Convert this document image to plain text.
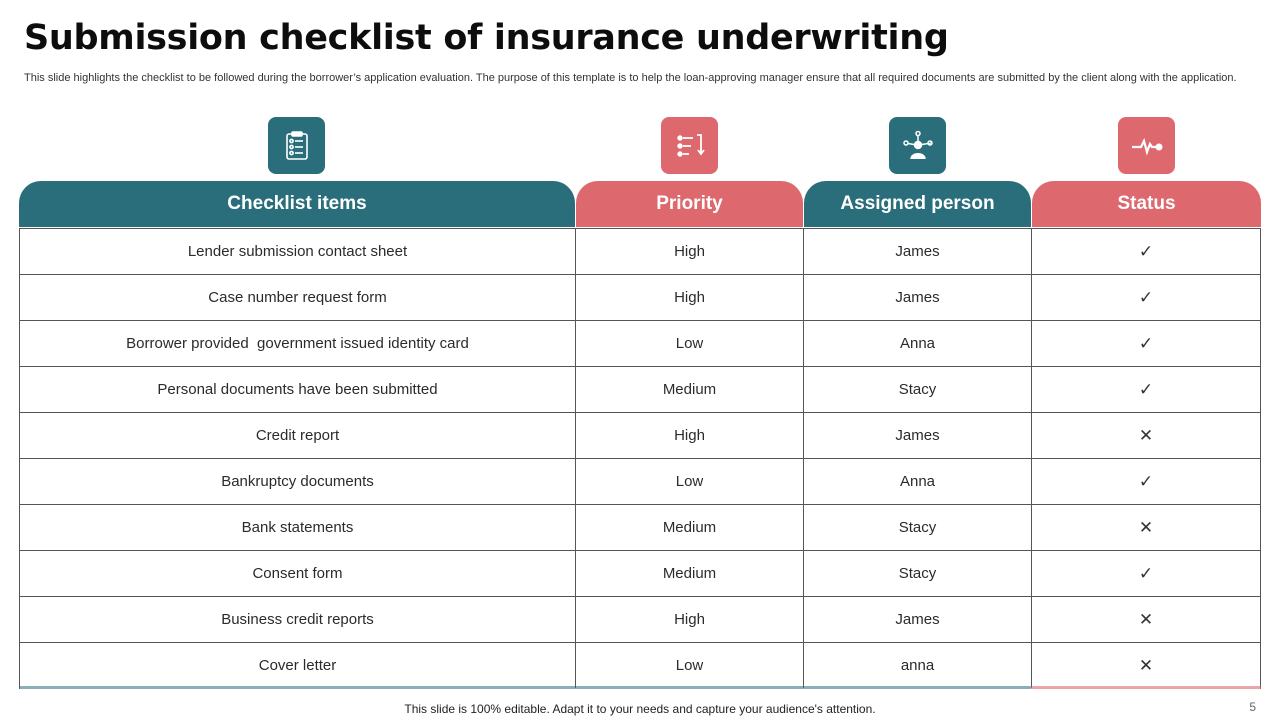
Submission checklist of insurance underwriting
This slide highlights the checklist to be followed during the borrower’s application evaluation. The purpose of this template is to help the loan-approving manager ensure that all required documents are submitted by the client along with the application.
Checklist items	Priority	Assigned person	Status
Lender submission contact sheet	High	James	✓
Case number request form	High	James	✓
Borrower provided  government issued identity card	Low	Anna	✓
Personal documents have been submitted	Medium	Stacy	✓
Credit report	High	James	✕
Bankruptcy documents	Low	Anna	✓
Bank statements	Medium	Stacy	✕
Consent form	Medium	Stacy	✓
Business credit reports	High	James	✕
Cover letter	Low	anna	✕
This slide is 100% editable. Adapt it to your needs and capture your audience's attention.	5
